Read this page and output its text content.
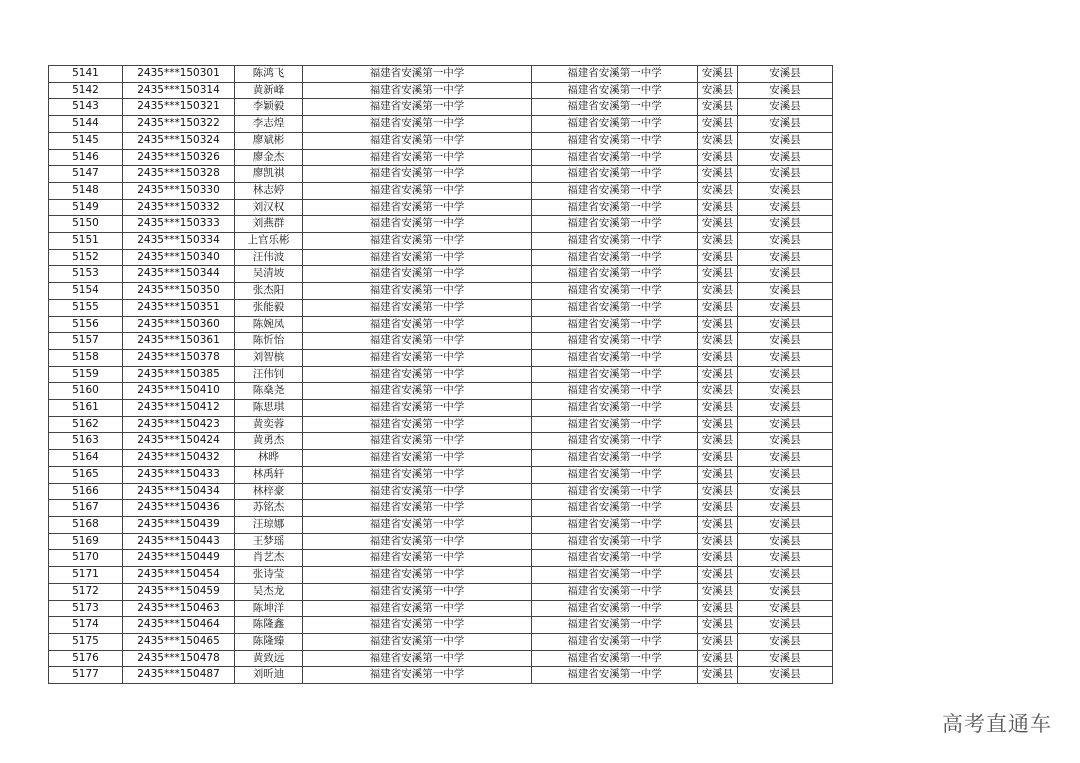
5141	2435***150301	陈鸿飞	福建省安溪第一中学	福建省安溪第一中学	安溪县	安溪县
5142	2435***150314	黄新峰	福建省安溪第一中学	福建省安溪第一中学	安溪县	安溪县
5143	2435***150321	李颖毅	福建省安溪第一中学	福建省安溪第一中学	安溪县	安溪县
5144	2435***150322	李志煌	福建省安溪第一中学	福建省安溪第一中学	安溪县	安溪县
5145	2435***150324	廖斌彬	福建省安溪第一中学	福建省安溪第一中学	安溪县	安溪县
5146	2435***150326	廖金杰	福建省安溪第一中学	福建省安溪第一中学	安溪县	安溪县
5147	2435***150328	廖凯祺	福建省安溪第一中学	福建省安溪第一中学	安溪县	安溪县
5148	2435***150330	林志婷	福建省安溪第一中学	福建省安溪第一中学	安溪县	安溪县
5149	2435***150332	刘汉权	福建省安溪第一中学	福建省安溪第一中学	安溪县	安溪县
5150	2435***150333	刘燕群	福建省安溪第一中学	福建省安溪第一中学	安溪县	安溪县
5151	2435***150334	上官乐彬	福建省安溪第一中学	福建省安溪第一中学	安溪县	安溪县
5152	2435***150340	汪伟波	福建省安溪第一中学	福建省安溪第一中学	安溪县	安溪县
5153	2435***150344	吴清坡	福建省安溪第一中学	福建省安溪第一中学	安溪县	安溪县
5154	2435***150350	张杰阳	福建省安溪第一中学	福建省安溪第一中学	安溪县	安溪县
5155	2435***150351	张能毅	福建省安溪第一中学	福建省安溪第一中学	安溪县	安溪县
5156	2435***150360	陈婉凤	福建省安溪第一中学	福建省安溪第一中学	安溪县	安溪县
5157	2435***150361	陈忻怡	福建省安溪第一中学	福建省安溪第一中学	安溪县	安溪县
5158	2435***150378	刘智槟	福建省安溪第一中学	福建省安溪第一中学	安溪县	安溪县
5159	2435***150385	汪伟钊	福建省安溪第一中学	福建省安溪第一中学	安溪县	安溪县
5160	2435***150410	陈燊尧	福建省安溪第一中学	福建省安溪第一中学	安溪县	安溪县
5161	2435***150412	陈思琪	福建省安溪第一中学	福建省安溪第一中学	安溪县	安溪县
5162	2435***150423	黄奕蓉	福建省安溪第一中学	福建省安溪第一中学	安溪县	安溪县
5163	2435***150424	黄勇杰	福建省安溪第一中学	福建省安溪第一中学	安溪县	安溪县
5164	2435***150432	林晔	福建省安溪第一中学	福建省安溪第一中学	安溪县	安溪县
5165	2435***150433	林禹轩	福建省安溪第一中学	福建省安溪第一中学	安溪县	安溪县
5166	2435***150434	林梓豪	福建省安溪第一中学	福建省安溪第一中学	安溪县	安溪县
5167	2435***150436	苏铭杰	福建省安溪第一中学	福建省安溪第一中学	安溪县	安溪县
5168	2435***150439	汪琼娜	福建省安溪第一中学	福建省安溪第一中学	安溪县	安溪县
5169	2435***150443	王梦瑶	福建省安溪第一中学	福建省安溪第一中学	安溪县	安溪县
5170	2435***150449	肖艺杰	福建省安溪第一中学	福建省安溪第一中学	安溪县	安溪县
5171	2435***150454	张诗莹	福建省安溪第一中学	福建省安溪第一中学	安溪县	安溪县
5172	2435***150459	吴杰龙	福建省安溪第一中学	福建省安溪第一中学	安溪县	安溪县
5173	2435***150463	陈坤洋	福建省安溪第一中学	福建省安溪第一中学	安溪县	安溪县
5174	2435***150464	陈隆鑫	福建省安溪第一中学	福建省安溪第一中学	安溪县	安溪县
5175	2435***150465	陈隆臻	福建省安溪第一中学	福建省安溪第一中学	安溪县	安溪县
5176	2435***150478	黄致远	福建省安溪第一中学	福建省安溪第一中学	安溪县	安溪县
5177	2435***150487	刘昕迪	福建省安溪第一中学	福建省安溪第一中学	安溪县	安溪县
高考直通车
